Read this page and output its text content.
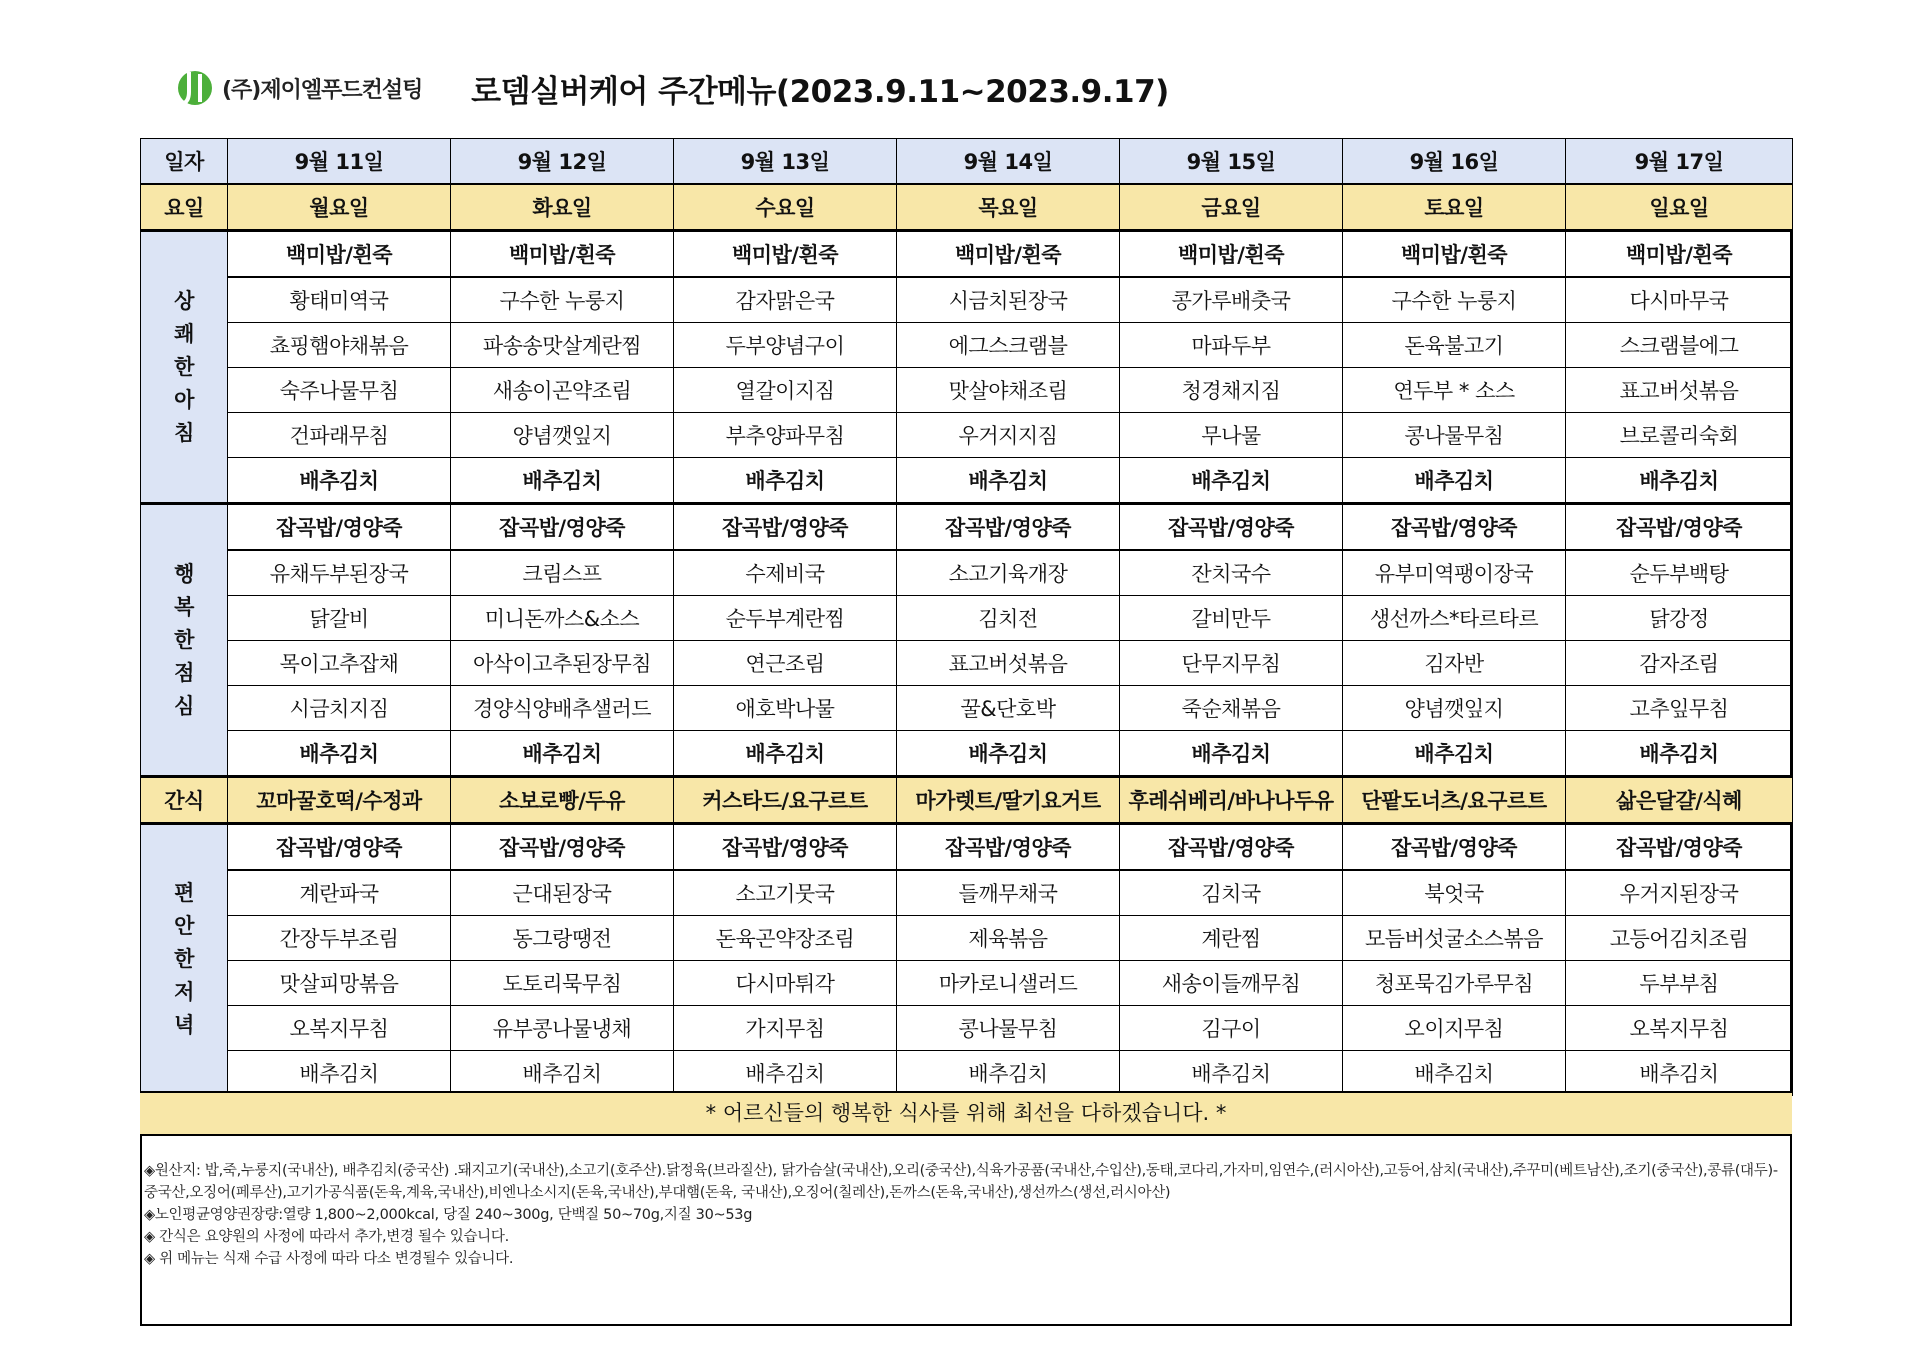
(주)제이엘푸드컨설팅	로뎀실버케어 주간메뉴(2023.9.11~2023.9.17)
일자	9월 11일	9월 12일	9월 13일	9월 14일	9월 15일	9월 16일	9월 17일
요일	월요일	화요일	수요일	목요일	금요일	토요일	일요일

상
쾌
한
아
침	백미밥/흰죽	백미밥/흰죽	백미밥/흰죽	백미밥/흰죽	백미밥/흰죽	백미밥/흰죽	백미밥/흰죽
	황태미역국	구수한 누룽지	감자맑은국	시금치된장국	콩가루배춧국	구수한 누룽지	다시마무국
	쵸핑햄야채볶음	파송송맛살계란찜	두부양념구이	에그스크램블	마파두부	돈육불고기	스크램블에그
	숙주나물무침	새송이곤약조림	열갈이지짐	맛살야채조림	청경채지짐	연두부 * 소스	표고버섯볶음
	건파래무침	양념깻잎지	부추양파무침	우거지지짐	무나물	콩나물무침	브로콜리숙회
	배추김치	배추김치	배추김치	배추김치	배추김치	배추김치	배추김치

행
복
한
점
심	잡곡밥/영양죽	잡곡밥/영양죽	잡곡밥/영양죽	잡곡밥/영양죽	잡곡밥/영양죽	잡곡밥/영양죽	잡곡밥/영양죽
	유채두부된장국	크림스프	수제비국	소고기육개장	잔치국수	유부미역팽이장국	순두부백탕
	닭갈비	미니돈까스&소스	순두부계란찜	김치전	갈비만두	생선까스*타르타르	닭강정
	목이고추잡채	아삭이고추된장무침	연근조림	표고버섯볶음	단무지무침	김자반	감자조림
	시금치지짐	경양식양배추샐러드	애호박나물	꿀&단호박	죽순채볶음	양념깻잎지	고추잎무침
	배추김치	배추김치	배추김치	배추김치	배추김치	배추김치	배추김치
간식	꼬마꿀호떡/수정과	소보로빵/두유	커스타드/요구르트	마가렛트/딸기요거트	후레쉬베리/바나나두유	단팥도너츠/요구르트	삶은달걀/식혜

편
안
한
저
녁	잡곡밥/영양죽	잡곡밥/영양죽	잡곡밥/영양죽	잡곡밥/영양죽	잡곡밥/영양죽	잡곡밥/영양죽	잡곡밥/영양죽
	계란파국	근대된장국	소고기뭇국	들깨무채국	김치국	북엇국	우거지된장국
	간장두부조림	동그랑땡전	돈육곤약장조림	제육볶음	계란찜	모듬버섯굴소스볶음	고등어김치조림
	맛살피망볶음	도토리묵무침	다시마튀각	마카로니샐러드	새송이들깨무침	청포묵김가루무침	두부부침
	오복지무침	유부콩나물냉채	가지무침	콩나물무침	김구이	오이지무침	오복지무침
	배추김치	배추김치	배추김치	배추김치	배추김치	배추김치	배추김치
* 어르신들의 행복한 식사를 위해 최선을 다하겠습니다. *

◈원산지: 밥,죽,누룽지(국내산), 배추김치(중국산) .돼지고기(국내산),소고기(호주산).닭정육(브라질산), 닭가슴살(국내산),오리(중국산),식육가공품(국내산,수입산),동태,코다리,가자미,임연수,(러시아산),고등어,삼치(국내산),주꾸미(베트남산),조기(중국산),콩류(대두)-중국산,오징어(페루산),고기가공식품(돈육,계육,국내산),비엔나소시지(돈육,국내산),부대햄(돈육, 국내산),오징어(칠레산),돈까스(돈육,국내산),생선까스(생선,러시아산)

◈노인평균영양권장량:열량 1,800~2,000kcal, 당질 240~300g, 단백질 50~70g,지질 30~53g

◈ 간식은 요양원의 사정에 따라서 추가,변경 될수 있습니다.

◈ 위 메뉴는 식재 수급 사정에 따라 다소 변경될수 있습니다.
